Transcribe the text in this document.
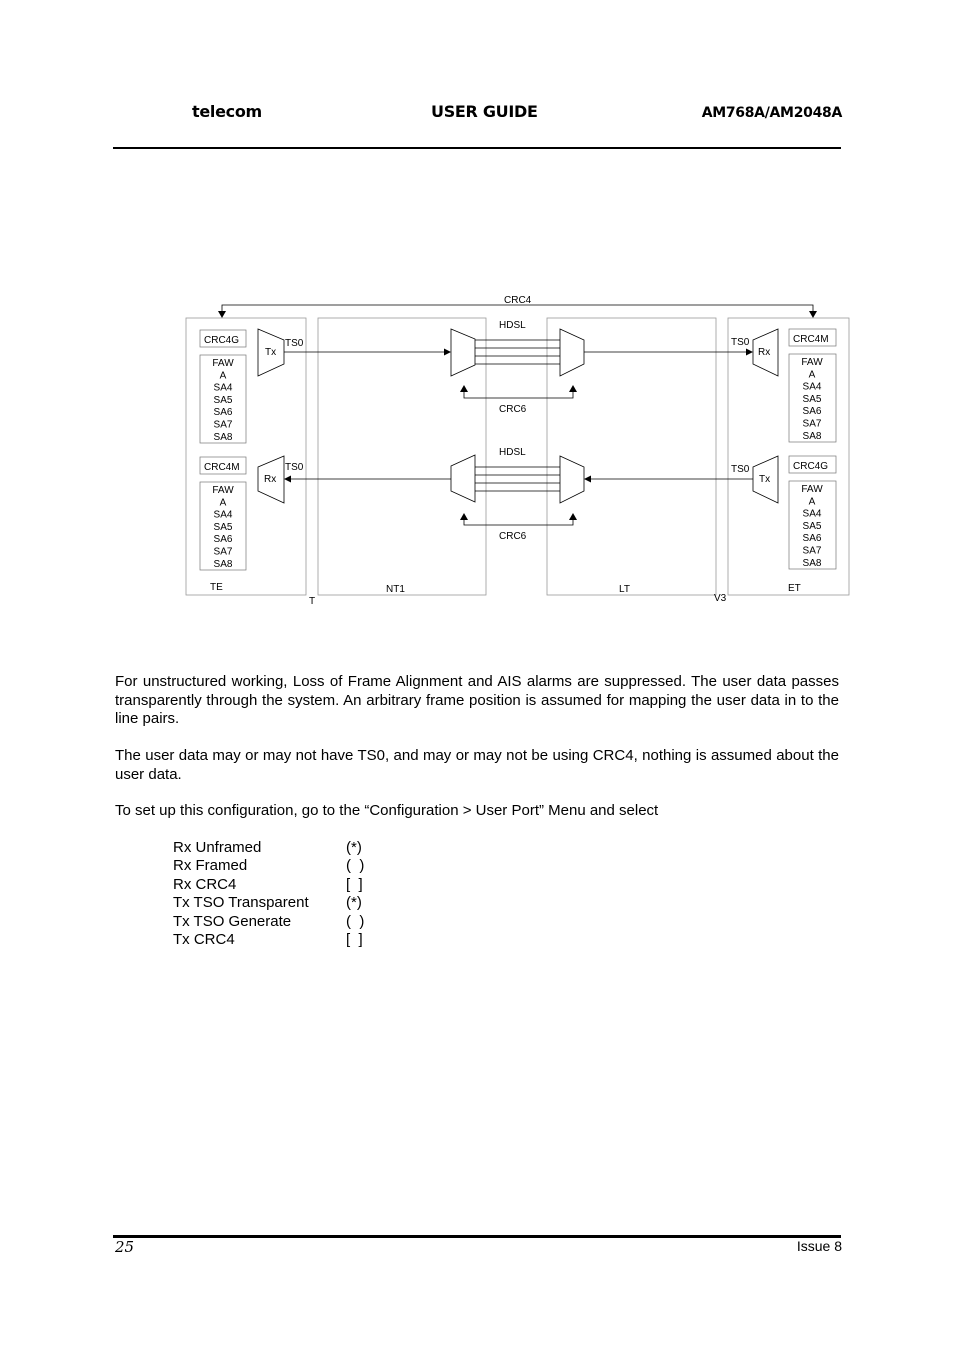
telecom	USER GUIDE	AM768A/AM2048A
CRC4
CRC4G
FAW A SA4 SA5 SA6 SA7 SA8
Tx
TS0
CRC4M
FAW A SA4 SA5 SA6 SA7 SA8
Rx
TS0
HDSL
HDSL
CRC6
CRC6
Rx
TS0	CRC4M
FAW A SA4 SA5 SA6 SA7 SA8
Tx
TS0	CRC4G
FAW A SA4 SA5 SA6 SA7 SA8
TE
T
NT1	LT
V3
ET

For unstructured working, Loss of Frame Alignment and AIS alarms are suppressed. The user data passes transparently through the system. An arbitrary frame position is assumed for mapping the user data in to the line pairs.

The user data may or may not have TS0, and may or may not be using CRC4, nothing is assumed about the user data.

To set up this configuration, go to the “Configuration > User Port” Menu and select

Rx Unframed	(*)
Rx Framed	(  )
Rx CRC4	[  ]
Tx TSO Transparent	(*)
Tx TSO Generate	(  )
Tx CRC4	[  ]
25	Issue 8
